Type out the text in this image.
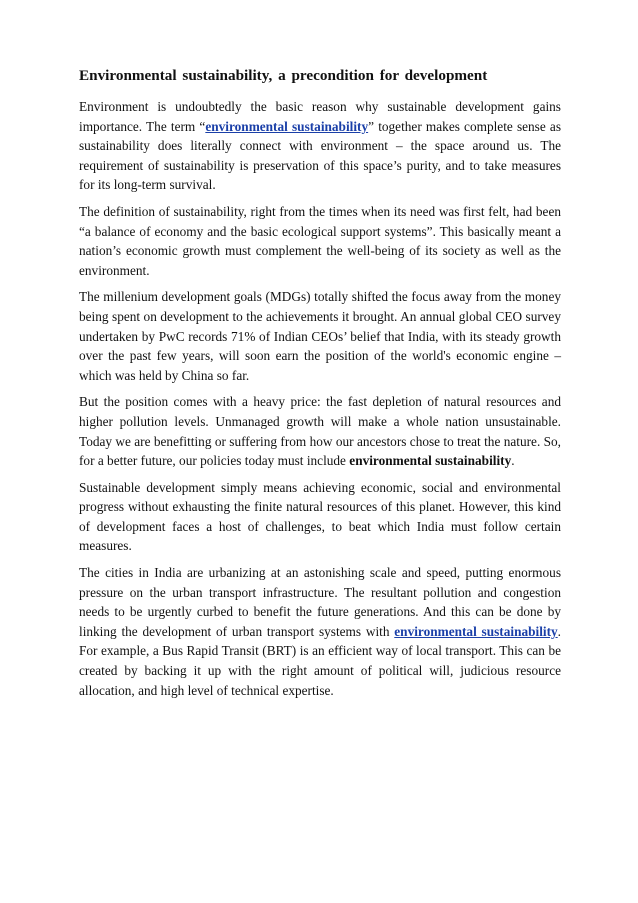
Environmental sustainability, a precondition for development

Environment is undoubtedly the basic reason why sustainable development gains importance. The term “environmental sustainability” together makes complete sense as sustainability does literally connect with environment – the space around us. The requirement of sustainability is preservation of this space’s purity, and to take measures for its long-term survival.

The definition of sustainability, right from the times when its need was first felt, had been “a balance of economy and the basic ecological support systems”. This basically meant a nation’s economic growth must complement the well-being of its society as well as the environment.

The millenium development goals (MDGs) totally shifted the focus away from the money being spent on development to the achievements it brought. An annual global CEO survey undertaken by PwC records 71% of Indian CEOs’ belief that India, with its steady growth over the past few years, will soon earn the position of the world's economic engine – which was held by China so far.

But the position comes with a heavy price: the fast depletion of natural resources and higher pollution levels. Unmanaged growth will make a whole nation unsustainable. Today we are benefitting or suffering from how our ancestors chose to treat the nature. So, for a better future, our policies today must include environmental sustainability.

Sustainable development simply means achieving economic, social and environmental progress without exhausting the finite natural resources of this planet. However, this kind of development faces a host of challenges, to beat which India must follow certain measures.

The cities in India are urbanizing at an astonishing scale and speed, putting enormous pressure on the urban transport infrastructure. The resultant pollution and congestion needs to be urgently curbed to benefit the future generations. And this can be done by linking the development of urban transport systems with environmental sustainability. For example, a Bus Rapid Transit (BRT) is an efficient way of local transport. This can be created by backing it up with the right amount of political will, judicious resource allocation, and high level of technical expertise.
